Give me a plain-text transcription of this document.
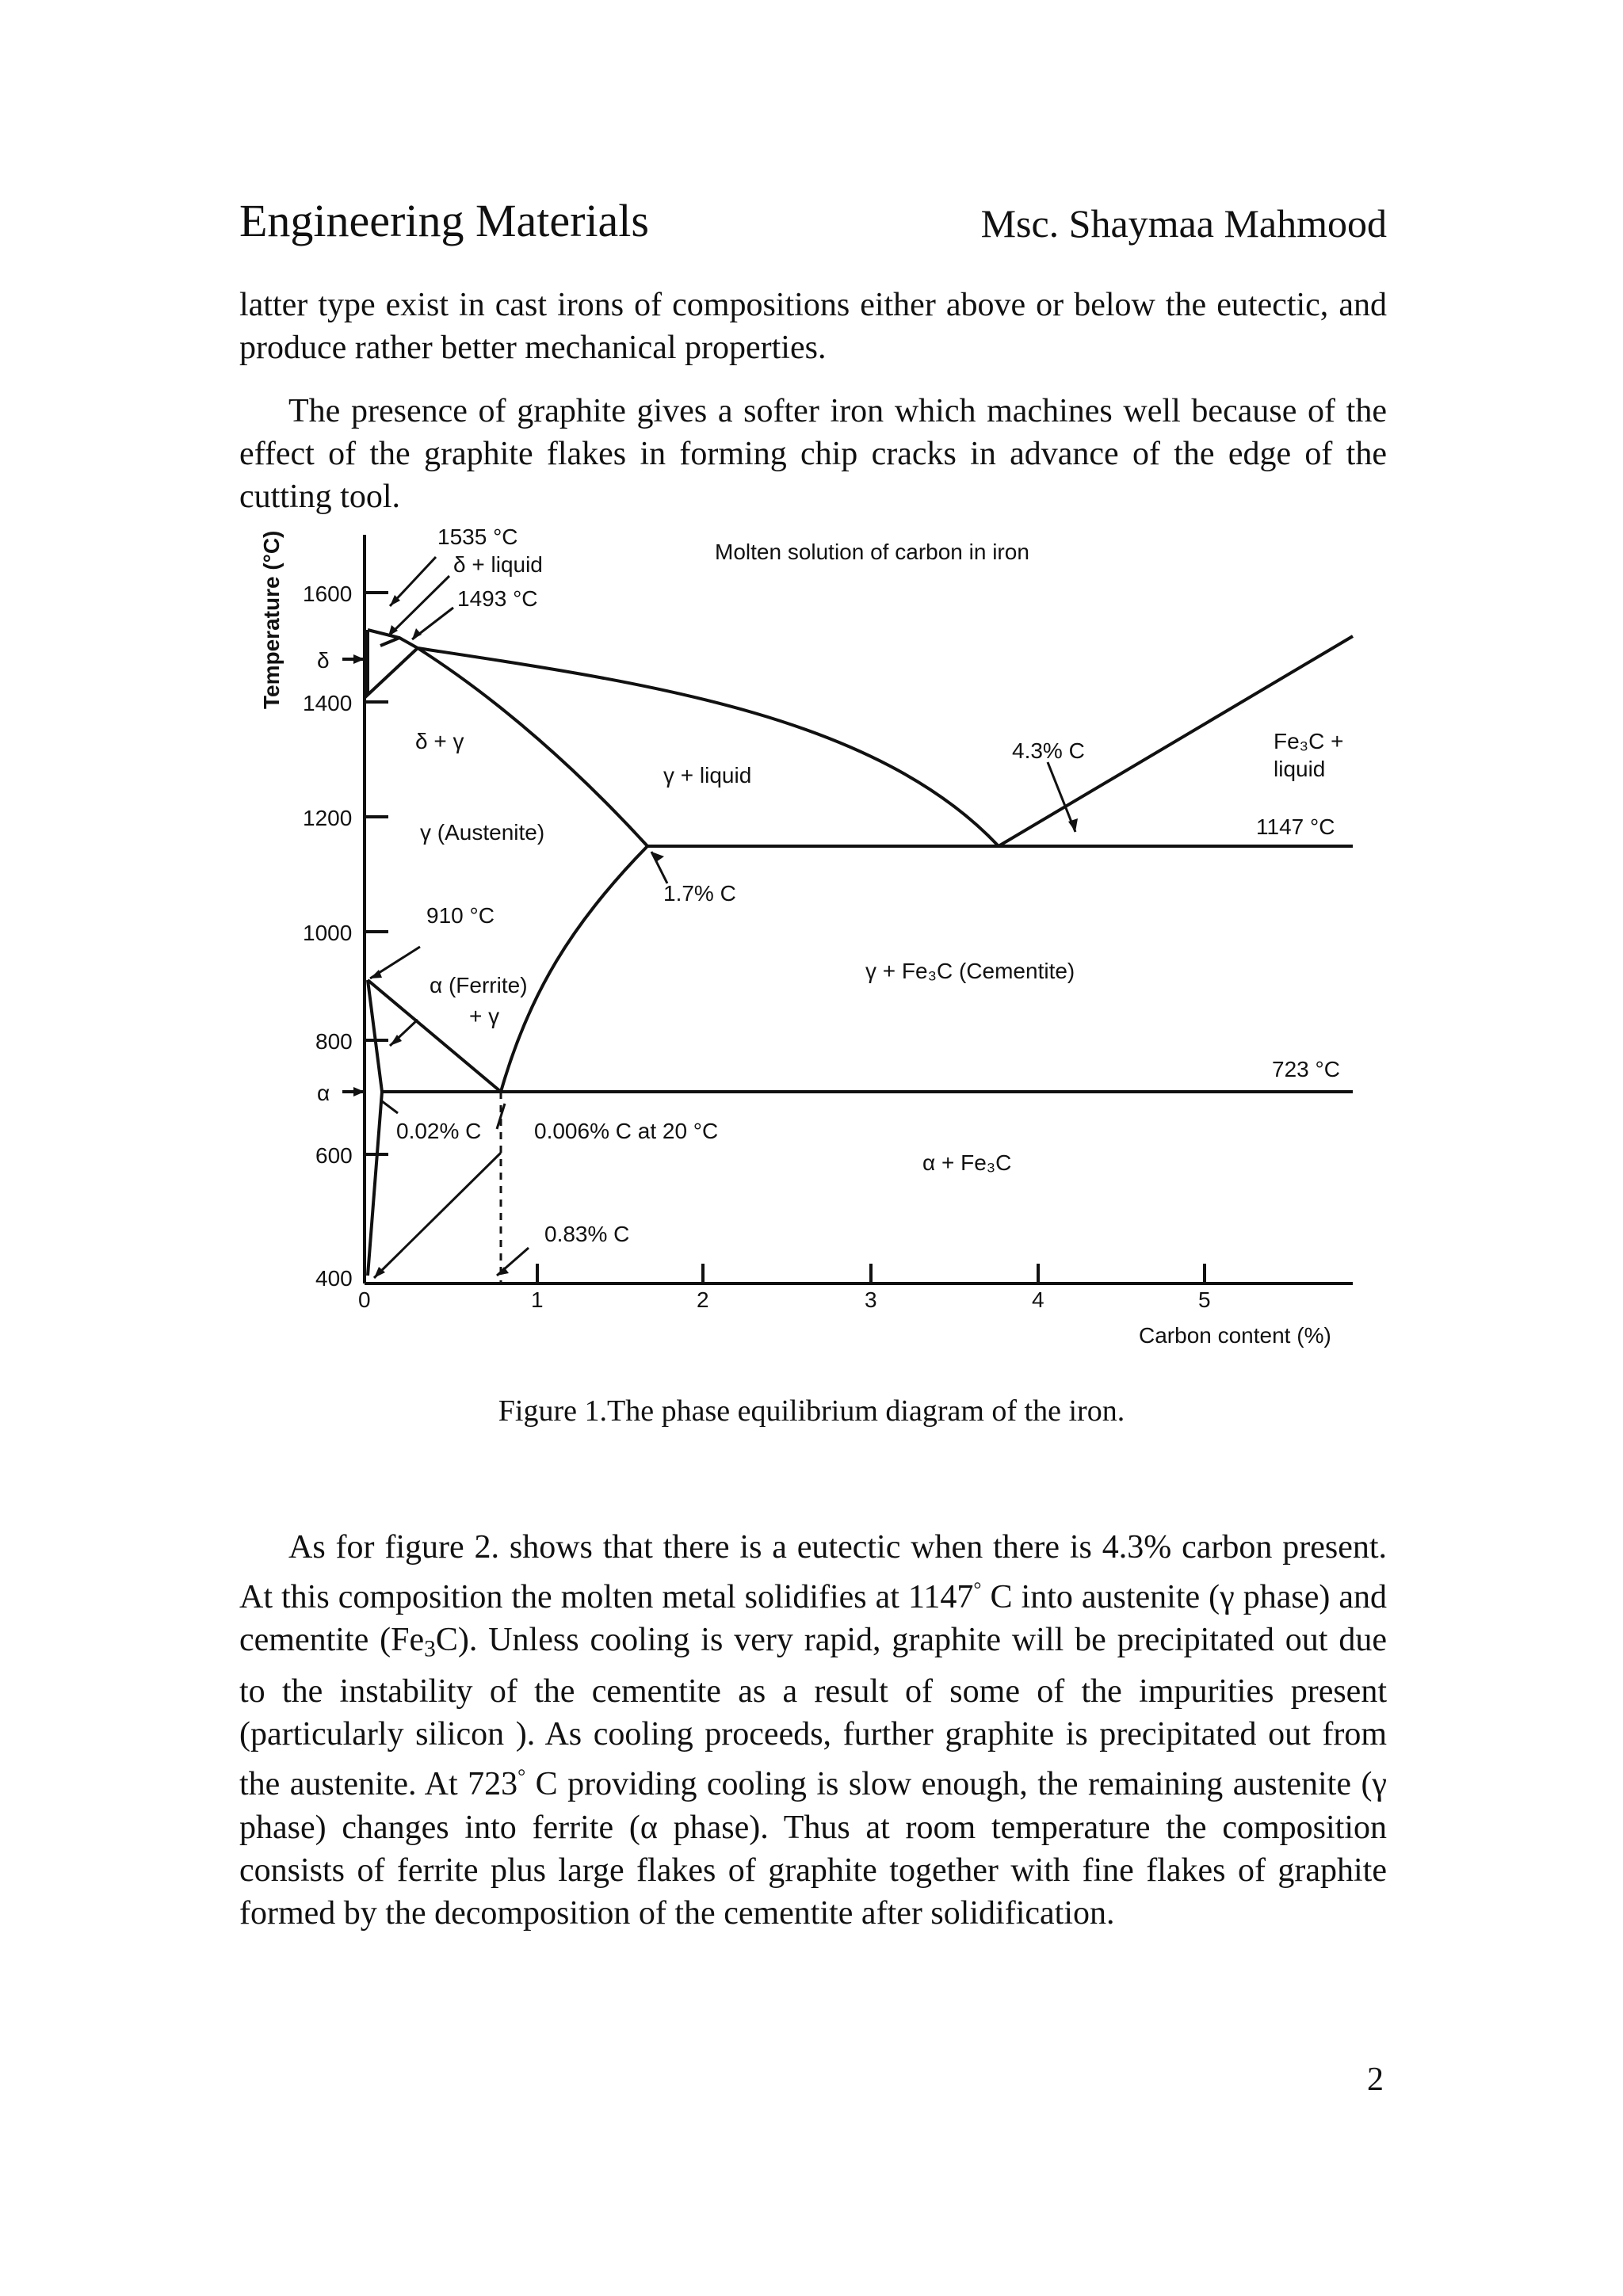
Engineering Materials	Msc. Shaymaa Mahmood

latter type exist in cast irons of compositions either above or below the eutectic, and produce rather better mechanical properties.

The presence of graphite gives a softer iron which machines well because of the effect of the graphite flakes in forming chip cracks in advance of the edge of the cutting tool.

Temperature (°C) 1600
δ
1400
1200
1000
800
α
600
400
0	1	2	3	4	5
Carbon content (%)
1535 °C
δ + liquid
1493 °C
Molten solution of carbon in iron
δ + γ
γ + liquid
4.3% C	Fe₃C +
liquid
1147 °C
γ (Austenite)
1.7% C
910 °C
γ + Fe₃C (Cementite)
α (Ferrite)
+ γ
723 °C
0.02% C 0.006% C at 20 °C
α + Fe₃C
0.83% C
Figure 1.The phase equilibrium diagram of the iron.

As for figure 2. shows that there is a eutectic when there is 4.3% carbon present. At this composition the molten metal solidifies at 1147° C into austenite (γ phase) and cementite $(Fe_3C)$. Unless cooling is very rapid, graphite will be precipitated out due to the instability of the cementite as a result of some of the impurities present (particularly silicon ). As cooling proceeds, further graphite is precipitated out from the austenite. At 723° C providing cooling is slow enough, the remaining austenite (γ phase) changes into ferrite (α phase). Thus at room temperature the composition consists of ferrite plus large flakes of graphite together with fine flakes of graphite formed by the decomposition of the cementite after solidification.

2
